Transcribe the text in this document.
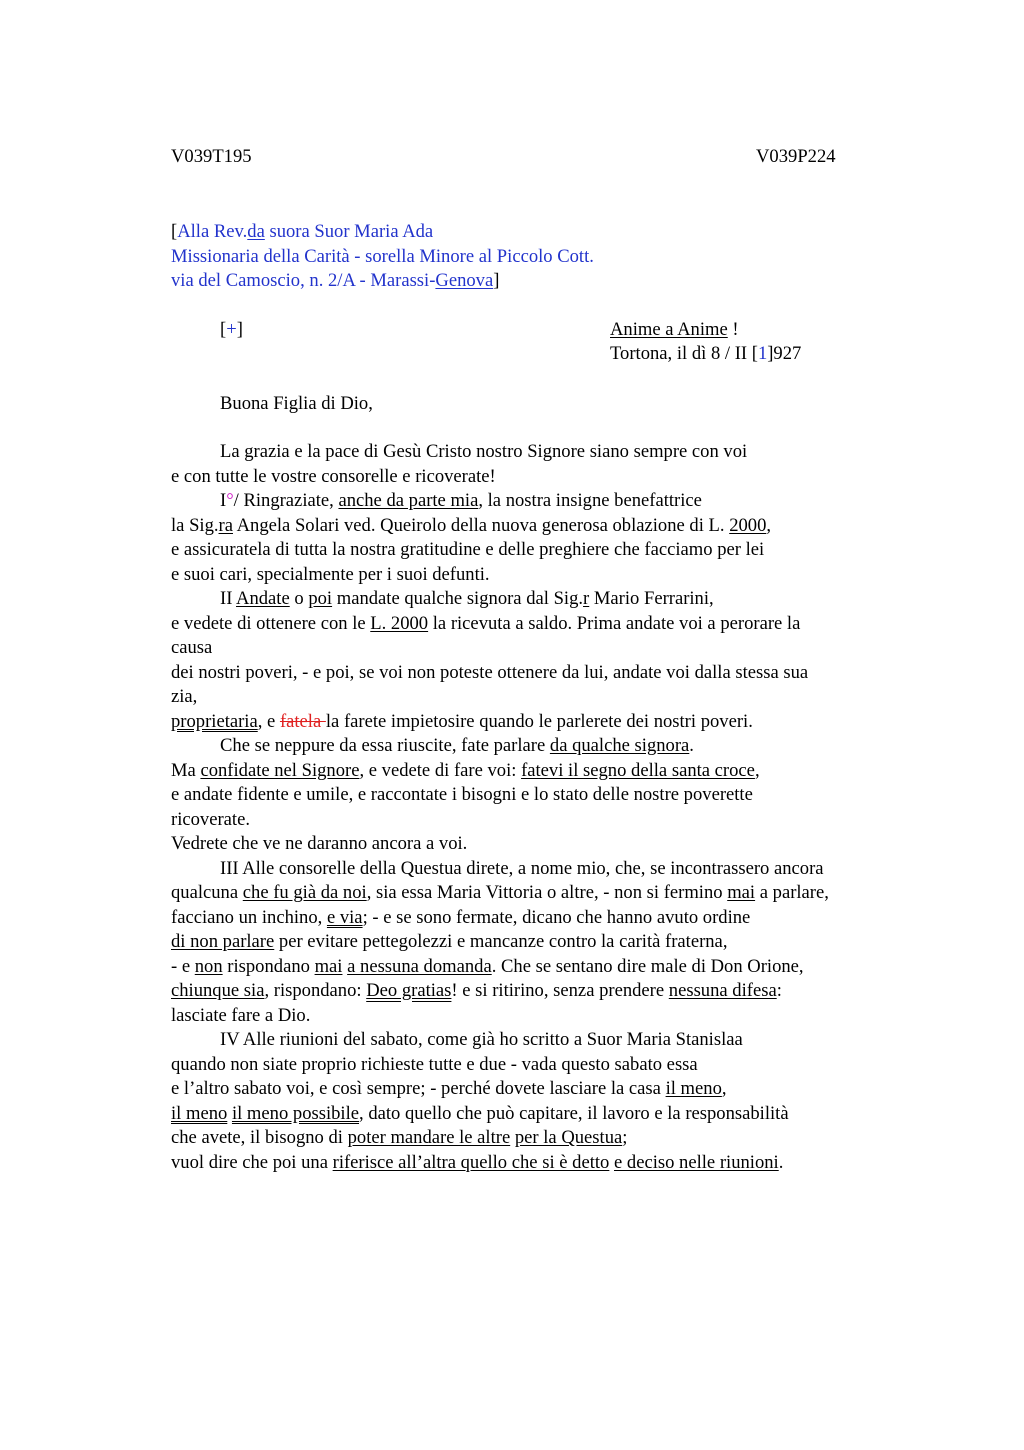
V039T195	V039P224
[Alla Rev.da suora Suor Maria Ada
Missionaria della Carità - sorella Minore al Piccolo Cott.
via del Camoscio, n. 2/A - Marassi-Genova]
[+]	Anime a Anime !
Tortona, il dì 8 / II [1]927
Buona Figlia di Dio,
La grazia e la pace di Gesù Cristo nostro Signore siano sempre con voi
e con tutte le vostre consorelle e ricoverate!
I°/ Ringraziate, anche da parte mia, la nostra insigne benefattrice
la Sig.ra Angela Solari ved. Queirolo della nuova generosa oblazione di L. 2000,
e assicuratela di tutta la nostra gratitudine e delle preghiere che facciamo per lei
e suoi cari, specialmente per i suoi defunti.
II Andate o poi mandate qualche signora dal Sig.r Mario Ferrarini,
e vedete di ottenere con le L. 2000 la ricevuta a saldo. Prima andate voi a perorare la
causa
dei nostri poveri, - e poi, se voi non poteste ottenere da lui, andate voi dalla stessa sua
zia,
proprietaria, e fatela la farete impietosire quando le parlerete dei nostri poveri.
Che se neppure da essa riuscite, fate parlare da qualche signora.
Ma confidate nel Signore, e vedete di fare voi: fatevi il segno della santa croce,
e andate fidente e umile, e raccontate i bisogni e lo stato delle nostre poverette
ricoverate.
Vedrete che ve ne daranno ancora a voi.
III Alle consorelle della Questua direte, a nome mio, che, se incontrassero ancora
qualcuna che fu già da noi, sia essa Maria Vittoria o altre, - non si fermino mai a parlare,
facciano un inchino, e via; - e se sono fermate, dicano che hanno avuto ordine
di non parlare per evitare pettegolezzi e mancanze contro la carità fraterna,
- e non rispondano mai a nessuna domanda. Che se sentano dire male di Don Orione,
chiunque sia, rispondano: Deo gratias! e si ritirino, senza prendere nessuna difesa:
lasciate fare a Dio.
IV Alle riunioni del sabato, come già ho scritto a Suor Maria Stanislaa
quando non siate proprio richieste tutte e due - vada questo sabato essa
e l’altro sabato voi, e così sempre; - perché dovete lasciare la casa il meno,
il meno il meno possibile, dato quello che può capitare, il lavoro e la responsabilità
che avete, il bisogno di poter mandare le altre per la Questua;
vuol dire che poi una riferisce all’altra quello che si è detto e deciso nelle riunioni.
